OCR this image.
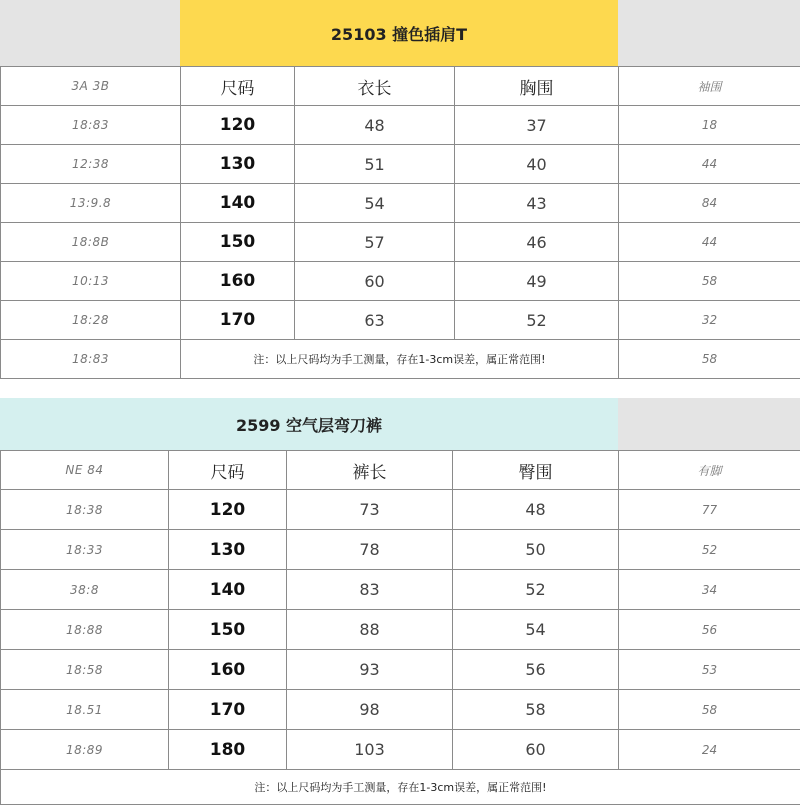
25103 撞色插肩T
3A 3B	尺码	衣长	胸围	袖围
18:83	120	48	37	18
12:38	130	51	40	44
13:9.8	140	54	43	84
18:8B	150	57	46	44
10:13	160	60	49	58
18:28	170	63	52	32
18:83	注：以上尺码均为手工测量，存在1-3cm误差，属正常范围!			58
2599 空气层弯刀裤
NE 84	尺码	裤长	臀围	有脚
18:38	120	73	48	77
18:33	130	78	50	52
38:8	140	83	52	34
18:88	150	88	54	56
18:58	160	93	56	53
18.51	170	98	58	58
18:89	180	103	60	24
注：以上尺码均为手工测量，存在1-3cm误差，属正常范围!				
